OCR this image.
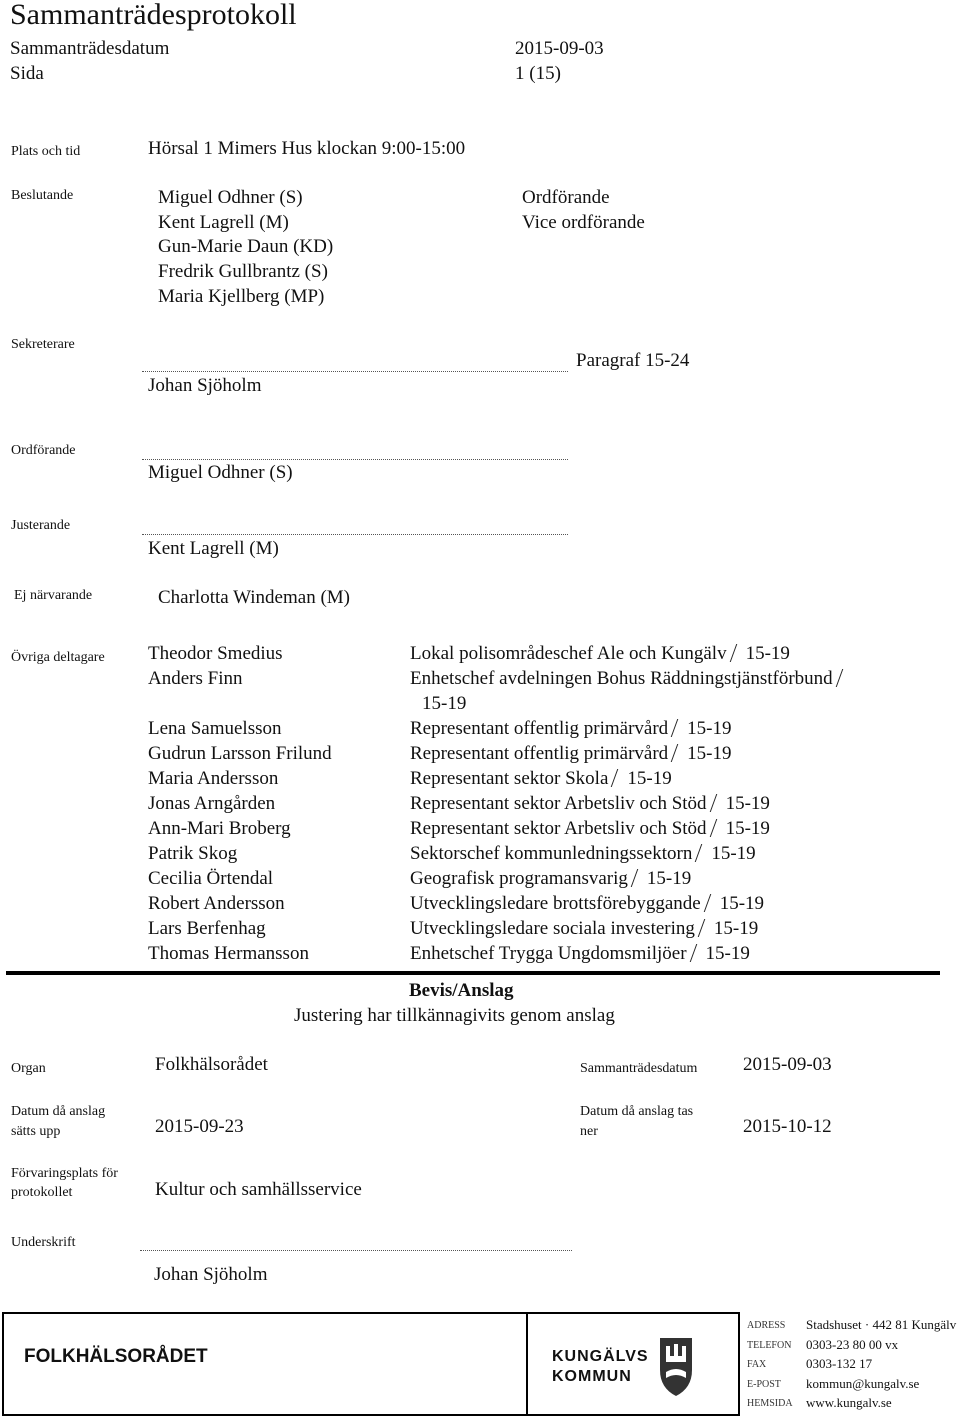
Sammanträdesprotokoll
Sammanträdesdatum	2015-09-03
Sida	1 (15)
Plats och tid	Hörsal 1 Mimers Hus klockan 9:00-15:00
Beslutande	Miguel Odhner (S)	Ordförande
Kent Lagrell (M)	Vice ordförande
Gun-Marie Daun (KD)
Fredrik Gullbrantz (S)
Maria Kjellberg (MP)
Sekreterare
Paragraf 15-24
Johan Sjöholm
Ordförande
Miguel Odhner (S)
Justerande
Kent Lagrell (M)
Ej närvarande	Charlotta Windeman (M)
Övriga deltagare Theodor Smedius	Lokal polisområdeschef Ale och Kungälv 15-19
Anders Finn	Enhetschef avdelningen Bohus Räddningstjänstförbund
15-19
Lena Samuelsson	Representant offentlig primärvård 15-19
Gudrun Larsson Frilund	Representant offentlig primärvård 15-19
Maria Andersson	Representant sektor Skola 15-19
Jonas Arngården	Representant sektor Arbetsliv och Stöd 15-19
Ann-Mari Broberg	Representant sektor Arbetsliv och Stöd 15-19
Patrik Skog	Sektorschef kommunledningssektorn 15-19
Cecilia Örtendal	Geografisk programansvarig 15-19
Robert Andersson	Utvecklingsledare brottsförebyggande 15-19
Lars Berfenhag	Utvecklingsledare sociala investering 15-19
Thomas Hermansson	Enhetschef Trygga Ungdomsmiljöer 15-19
Bevis/Anslag
Justering har tillkännagivits genom anslag
Organ	Folkhälsorådet	Sammanträdesdatum 2015-09-03
Datum då anslag
sätts upp	2015-09-23
Datum då anslag tas
ner	2015-10-12
Förvaringsplats för
protokollet	Kultur och samhällsservice
Underskrift
Johan Sjöholm
FOLKHÄLSORÅDET	KUNGÄLVS
KOMMUN
ADRESS Stadshuset · 442 81 Kungälv
TELEFON 0303-23 80 00 vx
FAX	0303-132 17
E-POST kommun@kungalv.se
HEMSIDA www.kungalv.se
